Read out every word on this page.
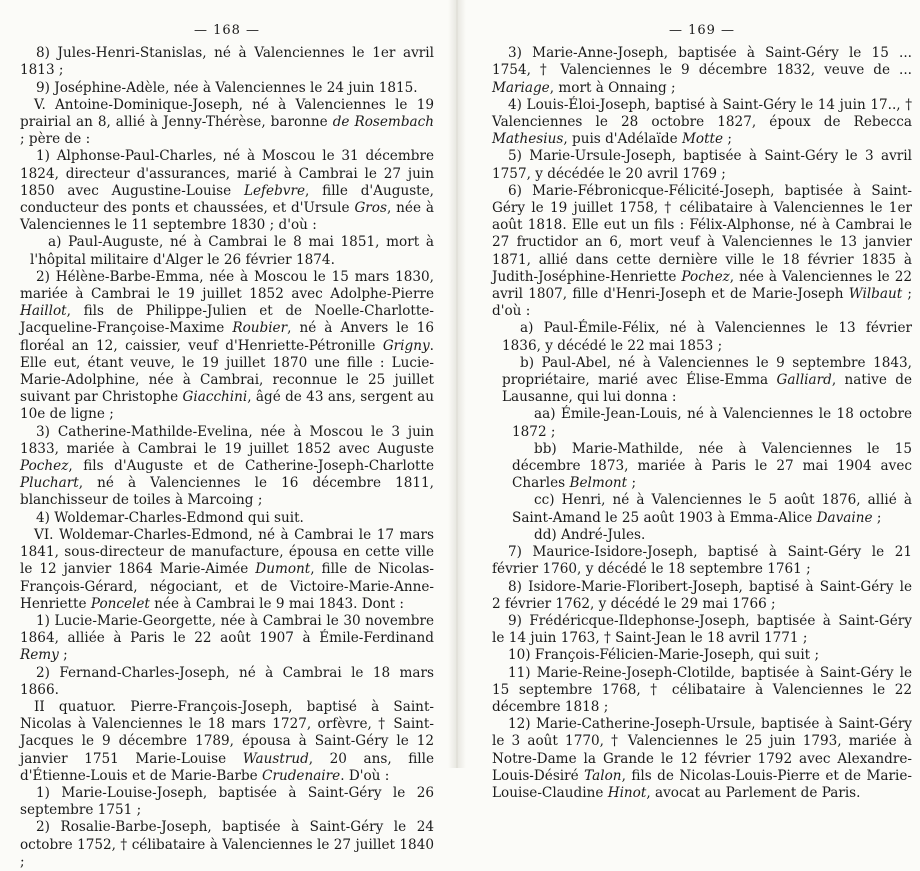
— 168 —

8) Jules-Henri-Stanislas, né à Valenciennes le 1er avril 1813 ;

9) Joséphine-Adèle, née à Valenciennes le 24 juin 1815.

V. Antoine-Dominique-Joseph, né à Valenciennes le 19 prairial an 8, allié à Jenny-Thérèse, baronne de Rosembach ; père de :

1) Alphonse-Paul-Charles, né à Moscou le 31 décembre 1824, directeur d'assurances, marié à Cambrai le 27 juin 1850 avec Augustine-Louise Lefebvre, fille d'Auguste, conducteur des ponts et chaussées, et d'Ursule Gros, née à Valenciennes le 11 septembre 1830 ; d'où :

a) Paul-Auguste, né à Cambrai le 8 mai 1851, mort à l'hôpital militaire d'Alger le 26 février 1874.

2) Hélène-Barbe-Emma, née à Moscou le 15 mars 1830, mariée à Cambrai le 19 juillet 1852 avec Adolphe-Pierre Haillot, fils de Philippe-Julien et de Noelle-Charlotte-Jacqueline-Françoise-Maxime Roubier, né à Anvers le 16 floréal an 12, caissier, veuf d'Henriette-Pétronille Grigny. Elle eut, étant veuve, le 19 juillet 1870 une fille : Lucie-Marie-Adolphine, née à Cambrai, reconnue le 25 juillet suivant par Christophe Giacchini, âgé de 43 ans, sergent au 10e de ligne ;

3) Catherine-Mathilde-Evelina, née à Moscou le 3 juin 1833, mariée à Cambrai le 19 juillet 1852 avec Auguste Pochez, fils d'Auguste et de Catherine-Joseph-Charlotte Pluchart, né à Valenciennes le 16 décembre 1811, blanchisseur de toiles à Marcoing ;

4) Woldemar-Charles-Edmond qui suit.

VI. Woldemar-Charles-Edmond, né à Cambrai le 17 mars 1841, sous-directeur de manufacture, épousa en cette ville le 12 janvier 1864 Marie-Aimée Dumont, fille de Nicolas-François-Gérard, négociant, et de Victoire-Marie-Anne-Henriette Poncelet née à Cambrai le 9 mai 1843. Dont :

1) Lucie-Marie-Georgette, née à Cambrai le 30 novembre 1864, alliée à Paris le 22 août 1907 à Émile-Ferdinand Remy ;

2) Fernand-Charles-Joseph, né à Cambrai le 18 mars 1866.

II quatuor. Pierre-François-Joseph, baptisé à Saint-Nicolas à Valenciennes le 18 mars 1727, orfèvre, † Saint-Jacques le 9 décembre 1789, épousa à Saint-Géry le 12 janvier 1751 Marie-Louise Waustrud, 20 ans, fille d'Étienne-Louis et de Marie-Barbe Crudenaire. D'où :

1) Marie-Louise-Joseph, baptisée à Saint-Géry le 26 septembre 1751 ;

2) Rosalie-Barbe-Joseph, baptisée à Saint-Géry le 24 octobre 1752, † célibataire à Valenciennes le 27 juillet 1840 ;

— 169 —

3) Marie-Anne-Joseph, baptisée à Saint-Géry le 15 ... 1754, † Valenciennes le 9 décembre 1832, veuve de ... Mariage, mort à Onnaing ;

4) Louis-Éloi-Joseph, baptisé à Saint-Géry le 14 juin 17.., † Valenciennes le 28 octobre 1827, époux de Rebecca Mathesius, puis d'Adélaïde Motte ;

5) Marie-Ursule-Joseph, baptisée à Saint-Géry le 3 avril 1757, y décédée le 20 avril 1769 ;

6) Marie-Fébronicque-Félicité-Joseph, baptisée à Saint-Géry le 19 juillet 1758, † célibataire à Valenciennes le 1er août 1818. Elle eut un fils : Félix-Alphonse, né à Cambrai le 27 fructidor an 6, mort veuf à Valenciennes le 13 janvier 1871, allié dans cette dernière ville le 18 février 1835 à Judith-Joséphine-Henriette Pochez, née à Valenciennes le 22 avril 1807, fille d'Henri-Joseph et de Marie-Joseph Wilbaut ; d'où :

a) Paul-Émile-Félix, né à Valenciennes le 13 février 1836, y décédé le 22 mai 1853 ;

b) Paul-Abel, né à Valenciennes le 9 septembre 1843, propriétaire, marié avec Élise-Emma Galliard, native de Lausanne, qui lui donna :

aa) Émile-Jean-Louis, né à Valenciennes le 18 octobre 1872 ;

bb) Marie-Mathilde, née à Valenciennes le 15 décembre 1873, mariée à Paris le 27 mai 1904 avec Charles Belmont ;

cc) Henri, né à Valenciennes le 5 août 1876, allié à Saint-Amand le 25 août 1903 à Emma-Alice Davaine ;

dd) André-Jules.

7) Maurice-Isidore-Joseph, baptisé à Saint-Géry le 21 février 1760, y décédé le 18 septembre 1761 ;

8) Isidore-Marie-Floribert-Joseph, baptisé à Saint-Géry le 2 février 1762, y décédé le 29 mai 1766 ;

9) Frédéricque-Ildephonse-Joseph, baptisée à Saint-Géry le 14 juin 1763, † Saint-Jean le 18 avril 1771 ;

10) François-Félicien-Marie-Joseph, qui suit ;

11) Marie-Reine-Joseph-Clotilde, baptisée à Saint-Géry le 15 septembre 1768, † célibataire à Valenciennes le 22 décembre 1818 ;

12) Marie-Catherine-Joseph-Ursule, baptisée à Saint-Géry le 3 août 1770, † Valenciennes le 25 juin 1793, mariée à Notre-Dame la Grande le 12 février 1792 avec Alexandre-Louis-Désiré Talon, fils de Nicolas-Louis-Pierre et de Marie-Louise-Claudine Hinot, avocat au Parlement de Paris.
